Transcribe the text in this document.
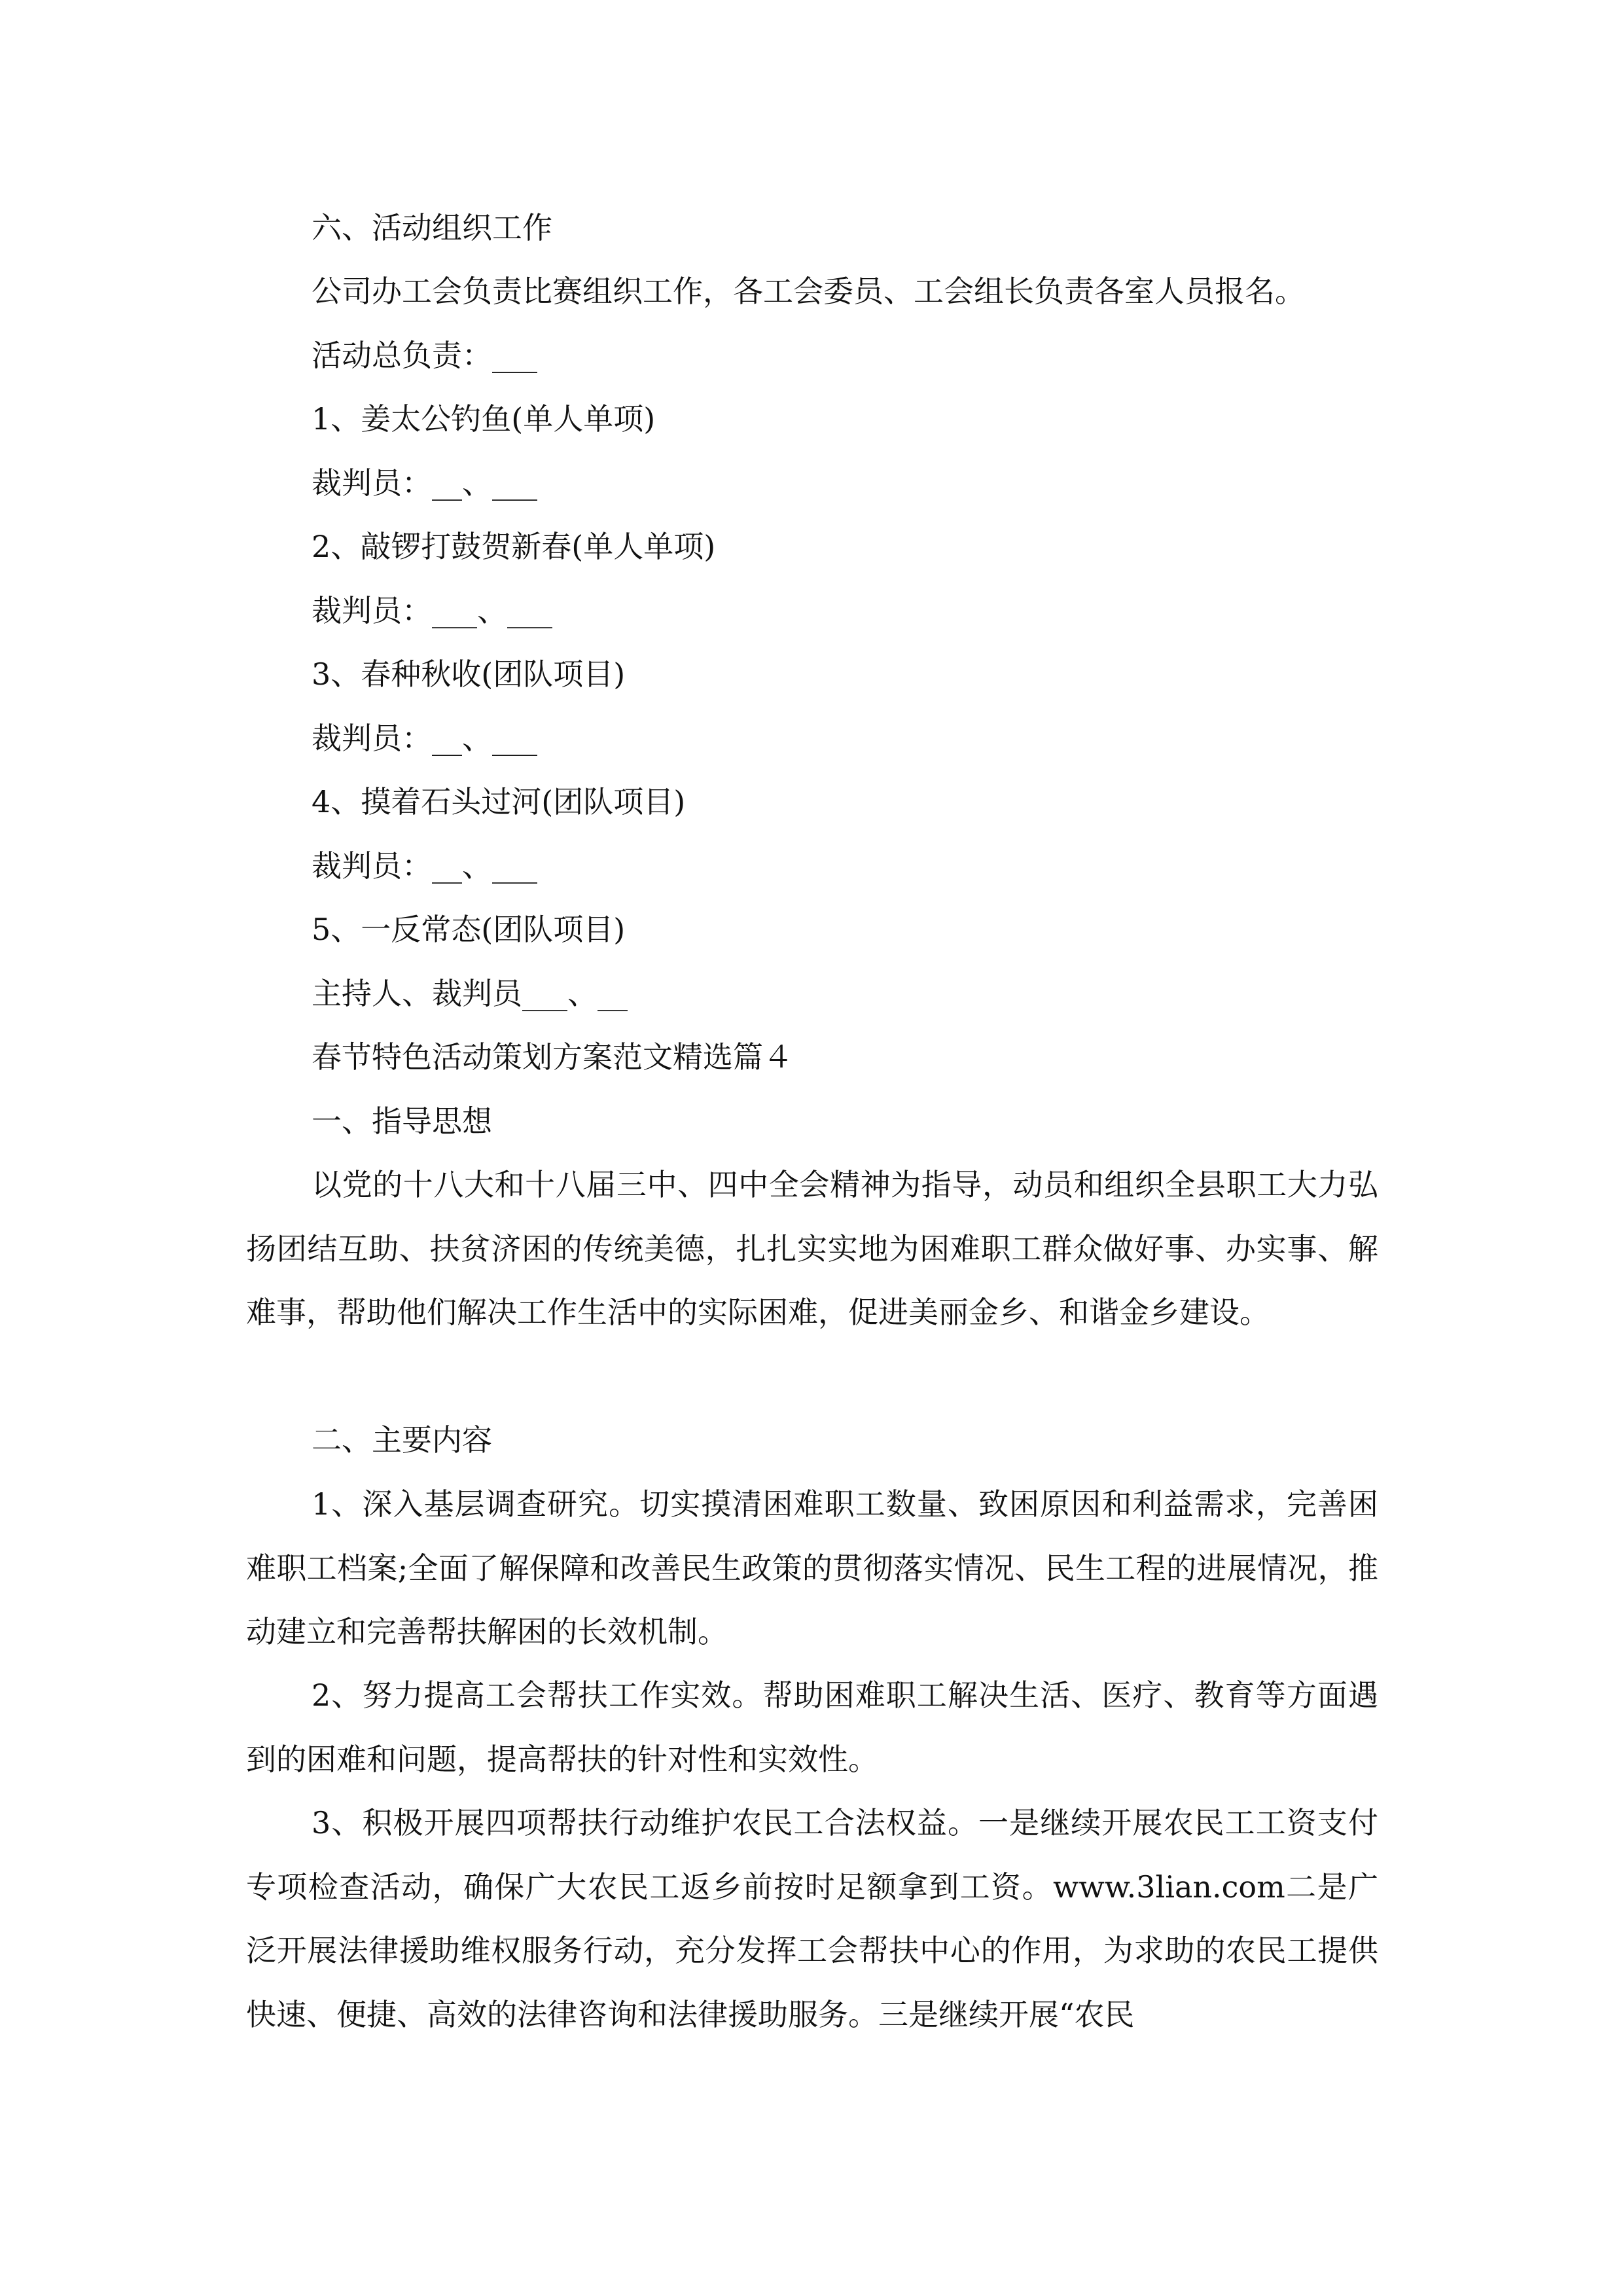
六、活动组织工作

公司办工会负责比赛组织工作，各工会委员、工会组长负责各室人员报名。

活动总负责：___

1、姜太公钓鱼(单人单项)

裁判员：__、___

2、敲锣打鼓贺新春(单人单项)

裁判员：___、___

3、春种秋收(团队项目)

裁判员：__、___

4、摸着石头过河(团队项目)

裁判员：__、___

5、一反常态(团队项目)

主持人、裁判员___、__

春节特色活动策划方案范文精选篇４

一、指导思想

以党的十八大和十八届三中、四中全会精神为指导，动员和组织全县职工大力弘扬团结互助、扶贫济困的传统美德，扎扎实实地为困难职工群众做好事、办实事、解难事，帮助他们解决工作生活中的实际困难，促进美丽金乡、和谐金乡建设。

二、主要内容

1、深入基层调查研究。切实摸清困难职工数量、致困原因和利益需求，完善困难职工档案;全面了解保障和改善民生政策的贯彻落实情况、民生工程的进展情况，推动建立和完善帮扶解困的长效机制。

2、努力提高工会帮扶工作实效。帮助困难职工解决生活、医疗、教育等方面遇到的困难和问题，提高帮扶的针对性和实效性。

3、积极开展四项帮扶行动维护农民工合法权益。一是继续开展农民工工资支付专项检查活动，确保广大农民工返乡前按时足额拿到工资。www.3lian.com二是广泛开展法律援助维权服务行动，充分发挥工会帮扶中心的作用，为求助的农民工提供快速、便捷、高效的法律咨询和法律援助服务。三是继续开展“农民
